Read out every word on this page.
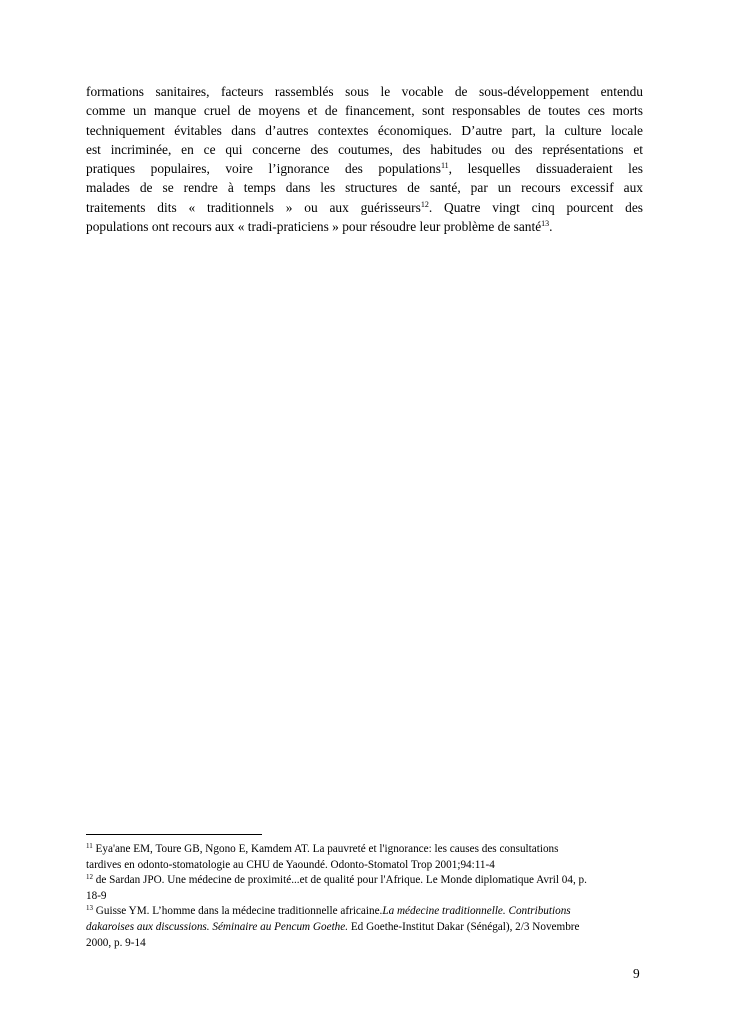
formations sanitaires, facteurs rassemblés sous le vocable de sous-développement entendu
comme un manque cruel de moyens et de financement, sont responsables de toutes ces morts
techniquement évitables dans d’autres contextes économiques. D’autre part, la culture locale
est incriminée, en ce qui concerne des coutumes, des habitudes ou des représentations et
pratiques populaires, voire l’ignorance des populations$^{11}$, lesquelles dissuaderaient les
malades de se rendre à temps dans les structures de santé, par un recours excessif aux
traitements dits « traditionnels » ou aux guérisseurs$^{12}$. Quatre vingt cinq pourcent des
populations ont recours aux « tradi-praticiens » pour résoudre leur problème de santé$^{13}$.

$^{11}$ Eya'ane EM, Toure GB, Ngono E, Kamdem AT. La pauvreté et l'ignorance: les causes des consultations

tardives en odonto-stomatologie au CHU de Yaoundé. Odonto-Stomatol Trop 2001;94:11-4

$^{12}$ de Sardan JPO. Une médecine de proximité...et de qualité pour l'Afrique. Le Monde diplomatique Avril 04, p.

18-9

$^{13}$ Guisse YM. L’homme dans la médecine traditionnelle africaine.La médecine traditionnelle. Contributions

dakaroises aux discussions. Séminaire au Pencum Goethe. Ed Goethe-Institut Dakar (Sénégal), 2/3 Novembre

2000, p. 9-14

9
